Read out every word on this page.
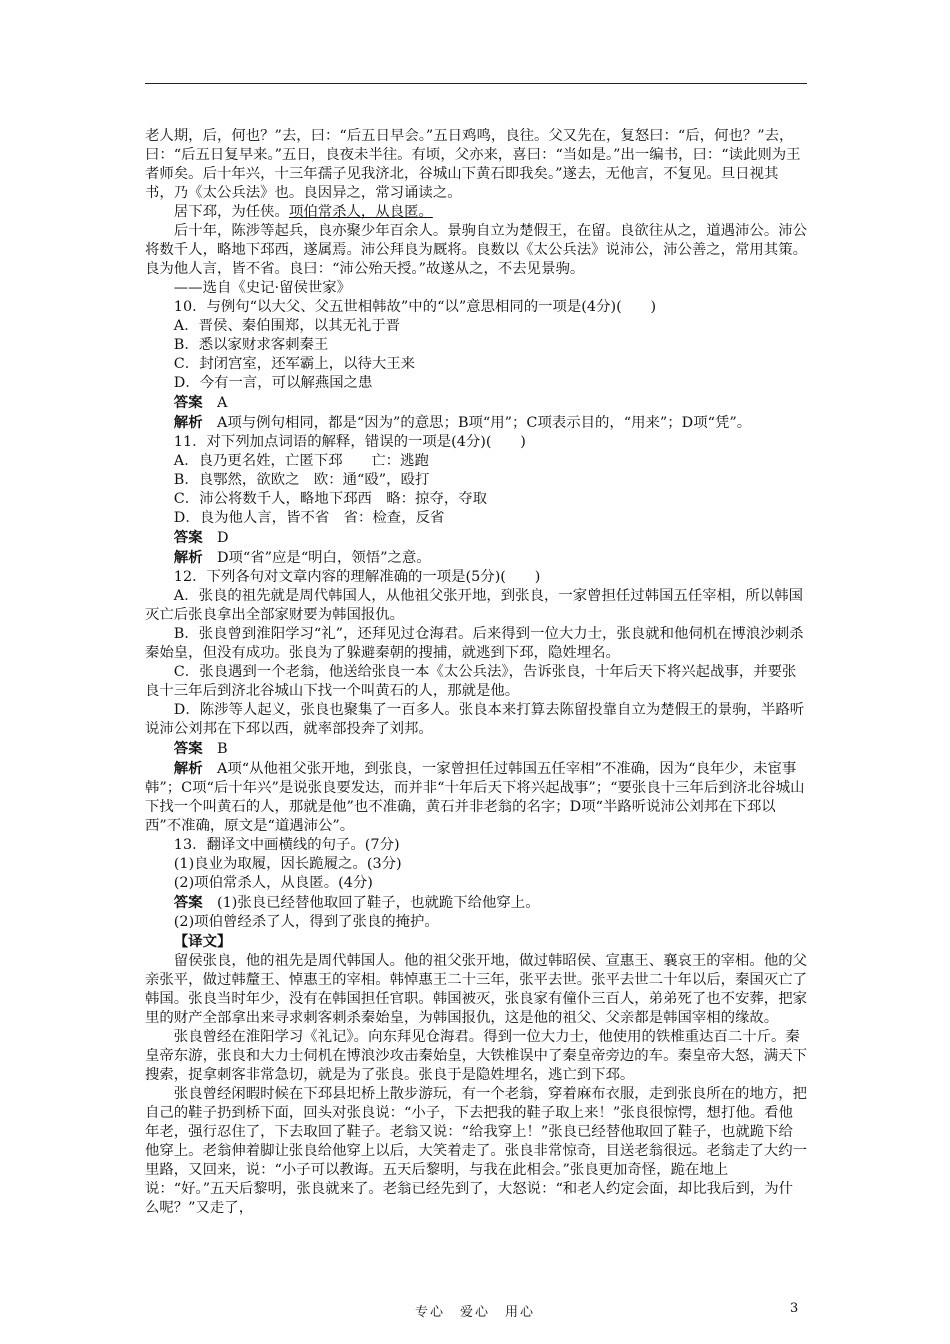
老人期，后，何也？”去，曰：“后五日早会。”五日鸡鸣，良往。父又先在，复怒曰：“后，何也？”去，曰：“后五日复早来。”五日，良夜未半往。有顷，父亦来，喜曰：“当如是。”出一编书，曰：“读此则为王者师矣。后十年兴，十三年孺子见我济北，谷城山下黄石即我矣。”遂去，无他言，不复见。旦日视其书，乃《太公兵法》也。良因异之，常习诵读之。

居下邳，为任侠。项伯常杀人，从良匿。

后十年，陈涉等起兵，良亦聚少年百余人。景驹自立为楚假王，在留。良欲往从之，道遇沛公。沛公将数千人，略地下邳西，遂属焉。沛公拜良为厩将。良数以《太公兵法》说沛公，沛公善之，常用其策。良为他人言，皆不省。良曰：“沛公殆天授。”故遂从之，不去见景驹。

——选自《史记·留侯世家》

10．与例句“以大父、父五世相韩故”中的“以”意思相同的一项是(4分)(　　)

A．晋侯、秦伯围郑，以其无礼于晋

B．悉以家财求客刺秦王

C．封闭宫室，还军霸上，以待大王来

D．今有一言，可以解燕国之患

答案　 A

解析　 A项与例句相同，都是“因为”的意思；B项“用”；C项表示目的，“用来”；D项“凭”。

11．对下列加点词语的解释，错误的一项是(4分)(　　)

A．良乃更名姓，亡匿下邳　　亡：逃跑

B．良鄂然，欲欧之　欧：通“殴”，殴打

C．沛公将数千人，略地下邳西　略：掠夺，夺取

D．良为他人言，皆不省　省：检查，反省

答案　 D

解析　 D项“省”应是“明白，领悟”之意。

12．下列各句对文章内容的理解准确的一项是(5分)(　　)

A．张良的祖先就是周代韩国人，从他祖父张开地，到张良，一家曾担任过韩国五任宰相，所以韩国灭亡后张良拿出全部家财要为韩国报仇。

B．张良曾到淮阳学习“礼”，还拜见过仓海君。后来得到一位大力士，张良就和他伺机在博浪沙刺杀秦始皇，但没有成功。张良为了躲避秦朝的搜捕，就逃到下邳，隐姓埋名。

C．张良遇到一个老翁，他送给张良一本《太公兵法》，告诉张良，十年后天下将兴起战事，并要张良十三年后到济北谷城山下找一个叫黄石的人，那就是他。

D．陈涉等人起义，张良也聚集了一百多人。张良本来打算去陈留投靠自立为楚假王的景驹，半路听说沛公刘邦在下邳以西，就率部投奔了刘邦。

答案　 B

解析　 A项“从他祖父张开地，到张良，一家曾担任过韩国五任宰相”不准确，因为“良年少，未宦事韩”；C项“后十年兴”是说张良要发达，而并非“十年后天下将兴起战事”；“要张良十三年后到济北谷城山下找一个叫黄石的人，那就是他”也不准确，黄石并非老翁的名字；D项“半路听说沛公刘邦在下邳以西”不准确，原文是“道遇沛公”。

13．翻译文中画横线的句子。(7分)

(1)良业为取履，因长跪履之。(3分)

(2)项伯常杀人，从良匿。(4分)

答案　 (1)张良已经替他取回了鞋子，也就跪下给他穿上。

(2)项伯曾经杀了人，得到了张良的掩护。

【译文】

留侯张良，他的祖先是周代韩国人。他的祖父张开地，做过韩昭侯、宣惠王、襄哀王的宰相。他的父亲张平，做过韩釐王、悼惠王的宰相。韩悼惠王二十三年，张平去世。张平去世二十年以后，秦国灭亡了韩国。张良当时年少，没有在韩国担任官职。韩国被灭，张良家有僮仆三百人，弟弟死了也不安葬，把家里的财产全部拿出来寻求刺客刺杀秦始皇，为韩国报仇，这是他的祖父、父亲都是韩国宰相的缘故。

张良曾经在淮阳学习《礼记》。向东拜见仓海君。得到一位大力士，他使用的铁椎重达百二十斤。秦皇帝东游，张良和大力士伺机在博浪沙攻击秦始皇，大铁椎误中了秦皇帝旁边的车。秦皇帝大怒，满天下搜索，捉拿刺客非常急切，就是为了张良。张良于是隐姓埋名，逃亡到下邳。

张良曾经闲暇时候在下邳县圯桥上散步游玩，有一个老翁，穿着麻布衣服，走到张良所在的地方，把自己的鞋子扔到桥下面，回头对张良说：“小子，下去把我的鞋子取上来！”张良很惊愕，想打他。看他年老，强行忍住了，下去取回了鞋子。老翁又说：“给我穿上！”张良已经替他取回了鞋子，也就跪下给他穿上。老翁伸着脚让张良给他穿上以后，大笑着走了。张良非常惊奇，目送老翁很远。老翁走了大约一里路，又回来，说：“小子可以教诲。五天后黎明，与我在此相会。”张良更加奇怪，跪在地上说：“好。”五天后黎明，张良就来了。老翁已经先到了，大怒说：“和老人约定会面，却比我后到，为什么呢？”又走了，

专心　爱心　用心	3
